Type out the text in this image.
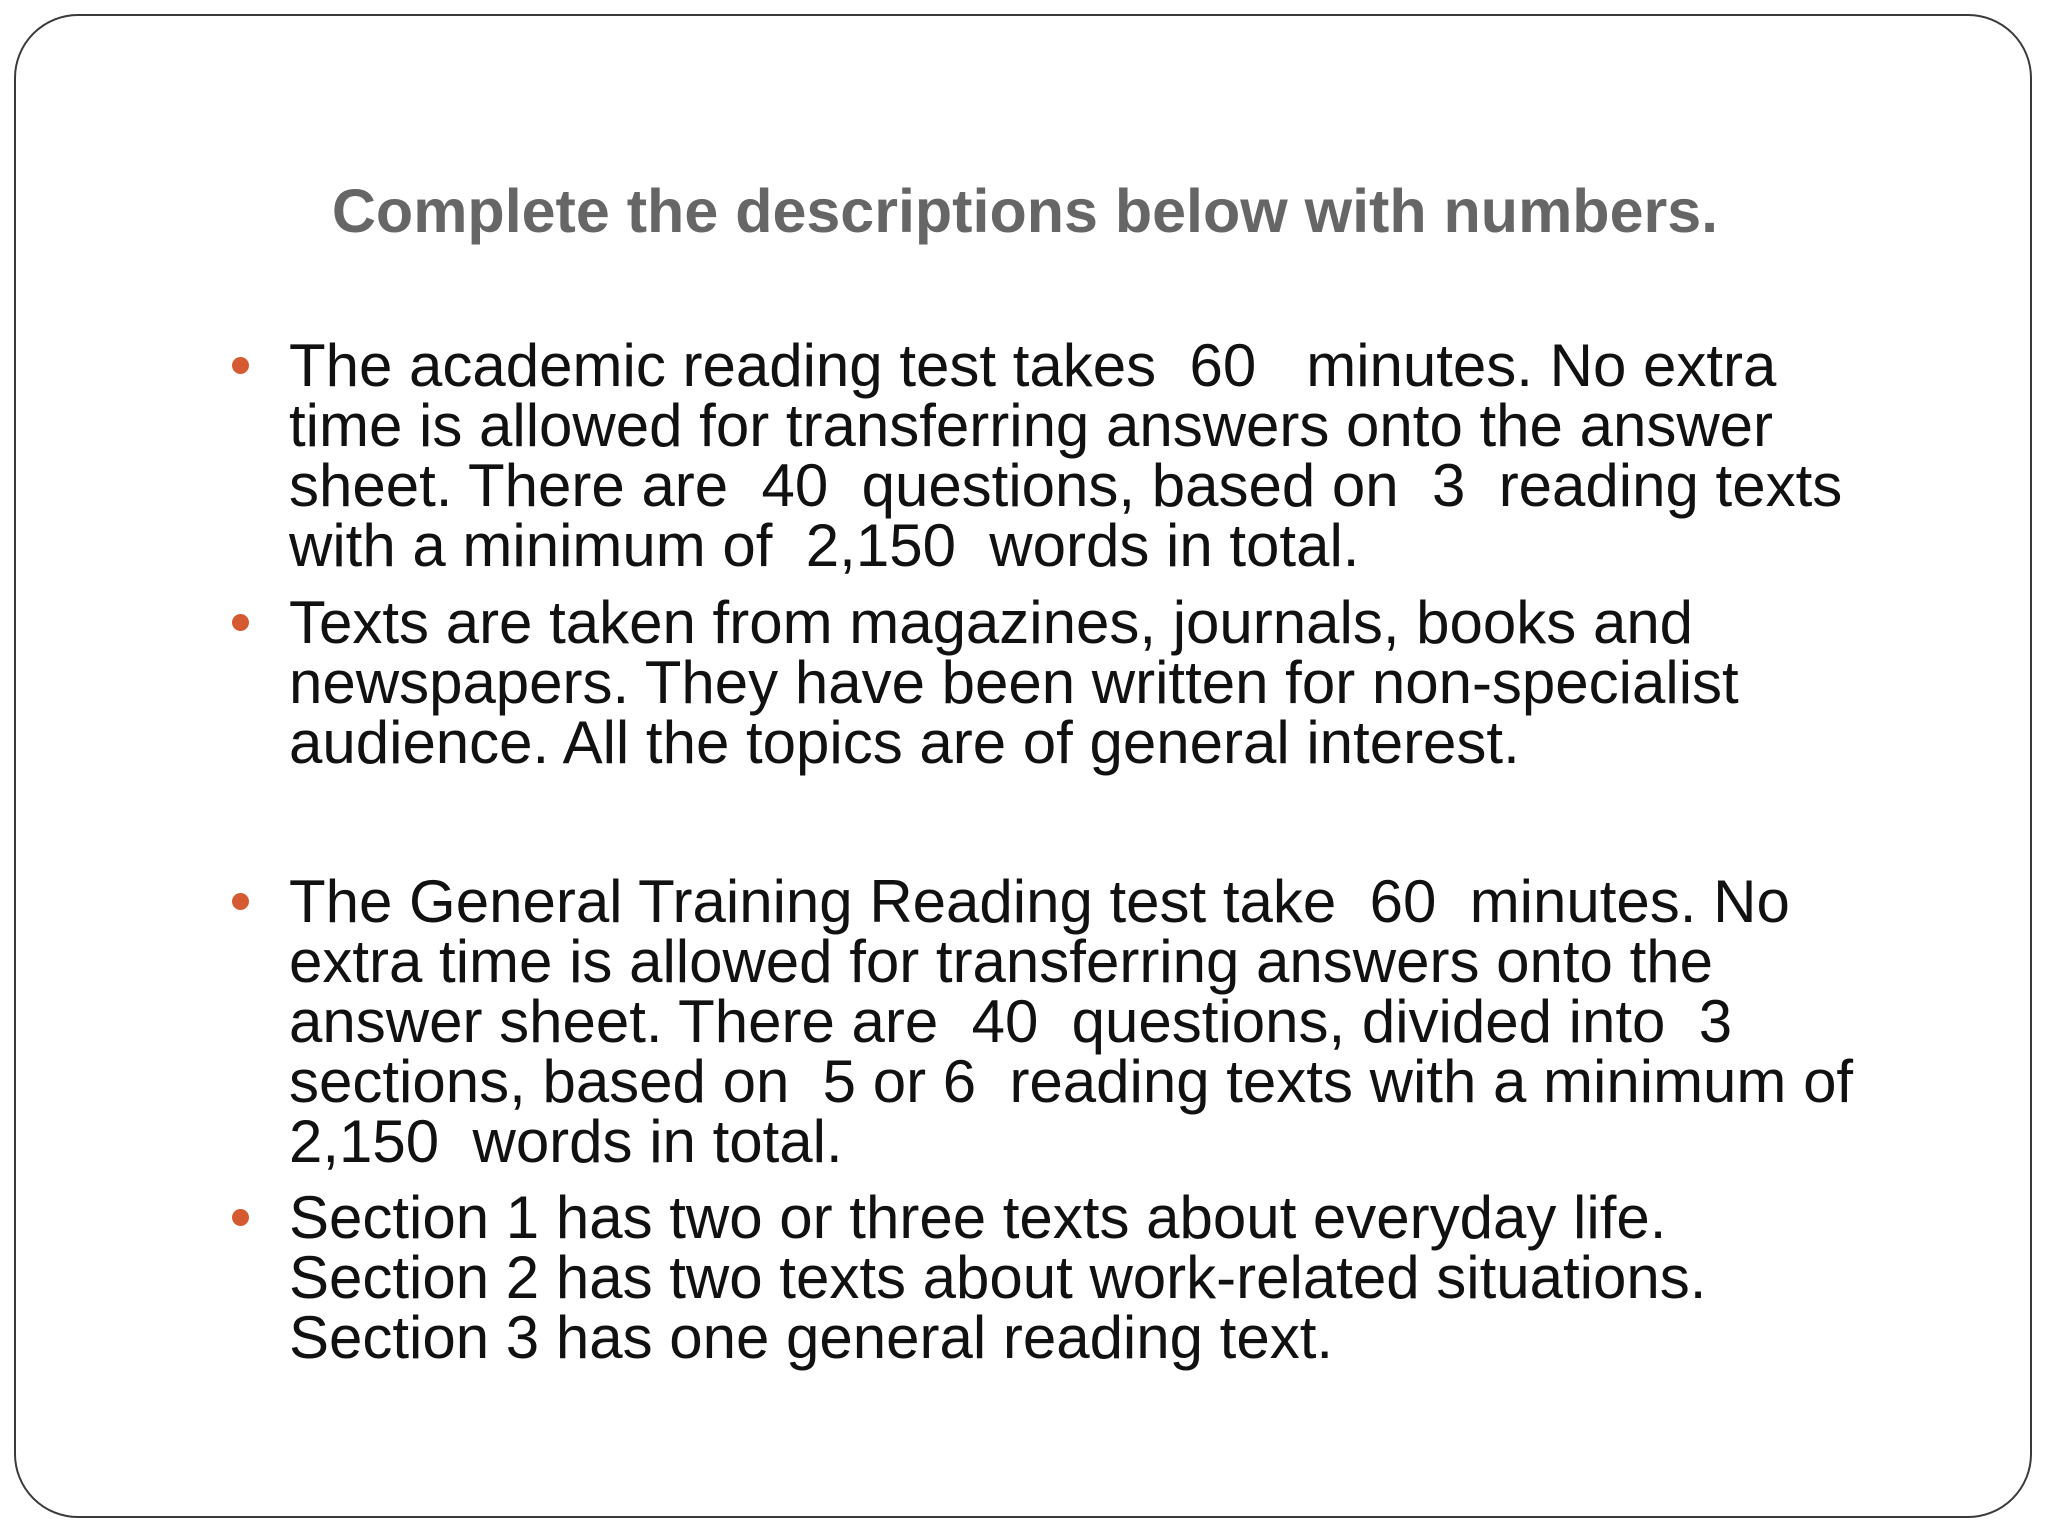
Complete the descriptions below with numbers.
The academic reading test takes  60   minutes. No extra
time is allowed for transferring answers onto the answer
sheet. There are  40  questions, based on  3  reading texts
with a minimum of  2,150  words in total.
Texts are taken from magazines, journals, books and
newspapers. They have been written for non-specialist
audience. All the topics are of general interest.
The General Training Reading test take  60  minutes. No
extra time is allowed for transferring answers onto the
answer sheet. There are  40  questions, divided into  3
sections, based on  5 or 6  reading texts with a minimum of
2,150  words in total.
Section 1 has two or three texts about everyday life.
Section 2 has two texts about work-related situations.
Section 3 has one general reading text.
